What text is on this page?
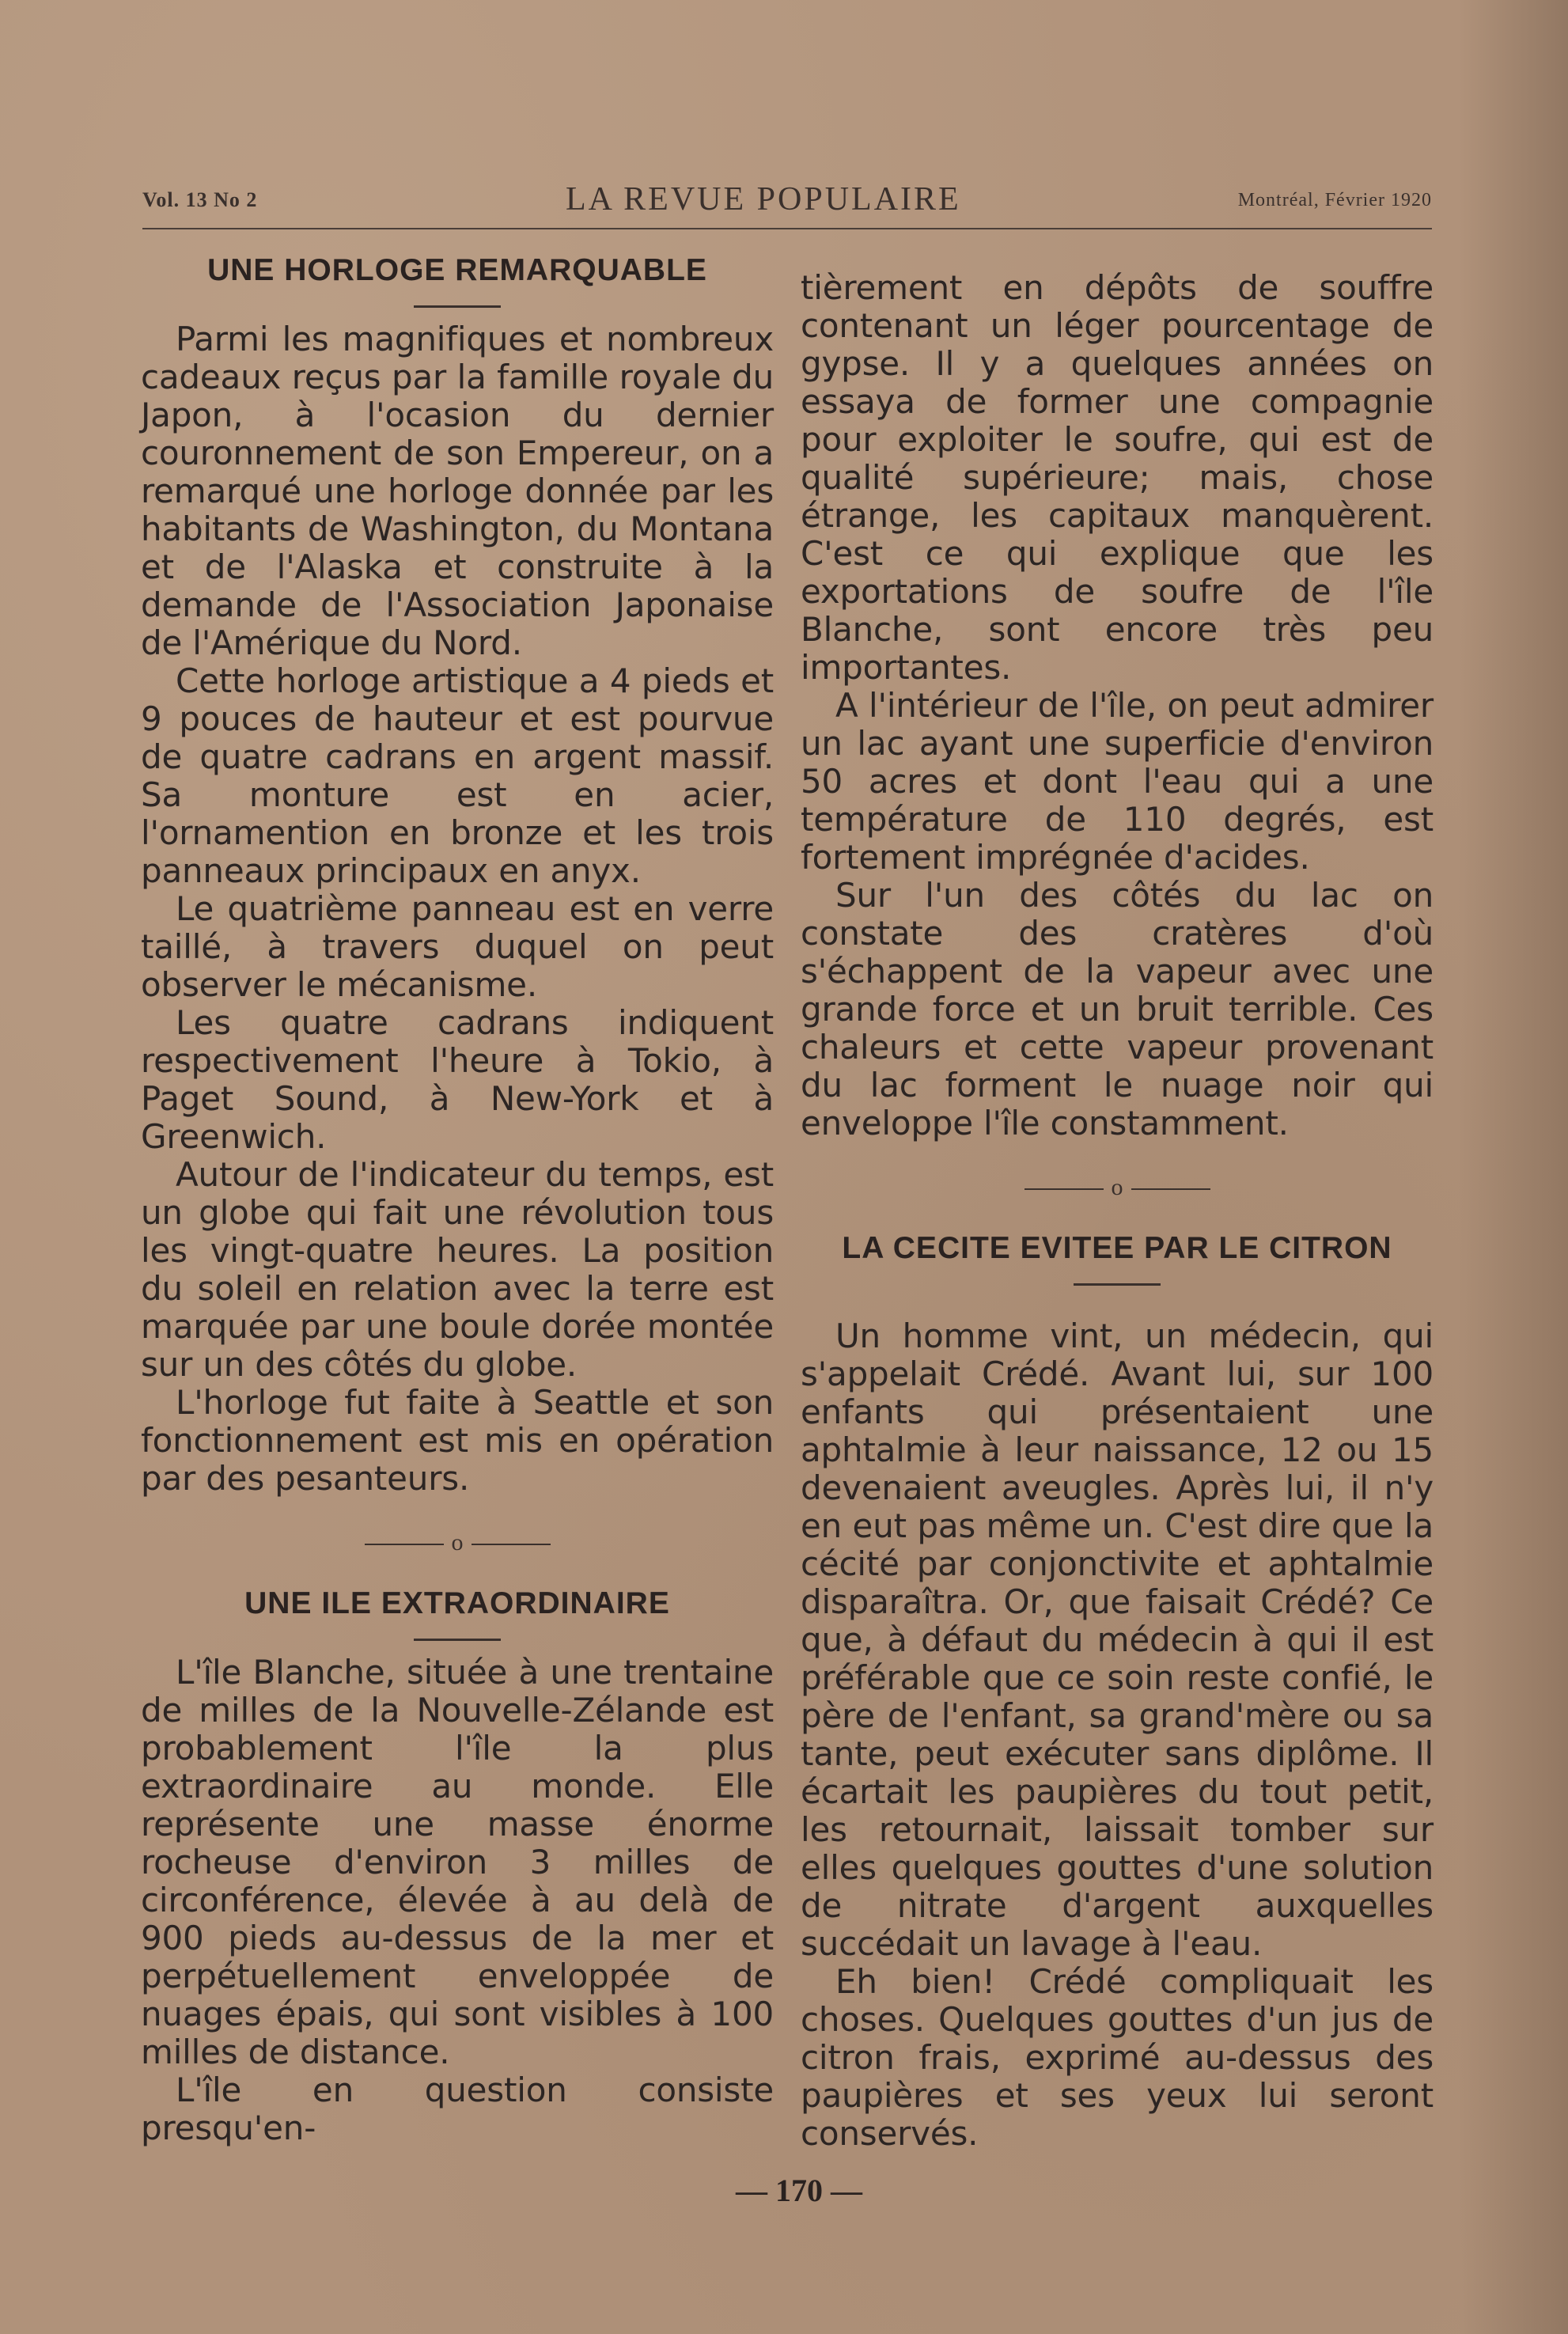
Vol. 13 No 2	LA REVUE POPULAIRE	Montréal, Février 1920
UNE HORLOGE REMARQUABLE

Parmi les magnifiques et nombreux cadeaux reçus par la famille royale du Japon, à l'ocasion du dernier couronnement de son Empereur, on a remarqué une horloge donnée par les habitants de Washington, du Montana et de l'Alaska et construite à la demande de l'Association Japonaise de l'Amérique du Nord.

Cette horloge artistique a 4 pieds et 9 pouces de hauteur et est pourvue de quatre cadrans en argent massif. Sa monture est en acier, l'ornamention en bronze et les trois panneaux principaux en anyx.

Le quatrième panneau est en verre taillé, à travers duquel on peut observer le mécanisme.

Les quatre cadrans indiquent respectivement l'heure à Tokio, à Paget Sound, à New-York et à Greenwich.

Autour de l'indicateur du temps, est un globe qui fait une révolution tous les vingt-quatre heures. La position du soleil en relation avec la terre est marquée par une boule dorée montée sur un des côtés du globe.

L'horloge fut faite à Seattle et son fonctionnement est mis en opération par des pesanteurs.

o
UNE ILE EXTRAORDINAIRE

L'île Blanche, située à une trentaine de milles de la Nouvelle-Zélande est probablement l'île la plus extraordinaire au monde. Elle représente une masse énorme rocheuse d'environ 3 milles de circonférence, élevée à au delà de 900 pieds au-dessus de la mer et perpétuellement enveloppée de nuages épais, qui sont visibles à 100 milles de distance.

L'île en question consiste presqu'en-

tièrement en dépôts de souffre contenant un léger pourcentage de gypse. Il y a quelques années on essaya de former une compagnie pour exploiter le soufre, qui est de qualité supérieure; mais, chose étrange, les capitaux manquèrent. C'est ce qui explique que les exportations de soufre de l'île Blanche, sont encore très peu importantes.

A l'intérieur de l'île, on peut admirer un lac ayant une superficie d'environ 50 acres et dont l'eau qui a une température de 110 degrés, est fortement imprégnée d'acides.

Sur l'un des côtés du lac on constate des cratères d'où s'échappent de la vapeur avec une grande force et un bruit terrible. Ces chaleurs et cette vapeur provenant du lac forment le nuage noir qui enveloppe l'île constamment.

o
LA CECITE EVITEE PAR LE CITRON

Un homme vint, un médecin, qui s'appelait Crédé. Avant lui, sur 100 enfants qui présentaient une aphtalmie à leur naissance, 12 ou 15 devenaient aveugles. Après lui, il n'y en eut pas même un. C'est dire que la cécité par conjonctivite et aphtalmie disparaîtra. Or, que faisait Crédé? Ce que, à défaut du médecin à qui il est préférable que ce soin reste confié, le père de l'enfant, sa grand'mère ou sa tante, peut exécuter sans diplôme. Il écartait les paupières du tout petit, les retournait, laissait tomber sur elles quelques gouttes d'une solution de nitrate d'argent auxquelles succédait un lavage à l'eau.

Eh bien! Crédé compliquait les choses. Quelques gouttes d'un jus de citron frais, exprimé au-dessus des paupières et ses yeux lui seront conservés.

— 170 —
